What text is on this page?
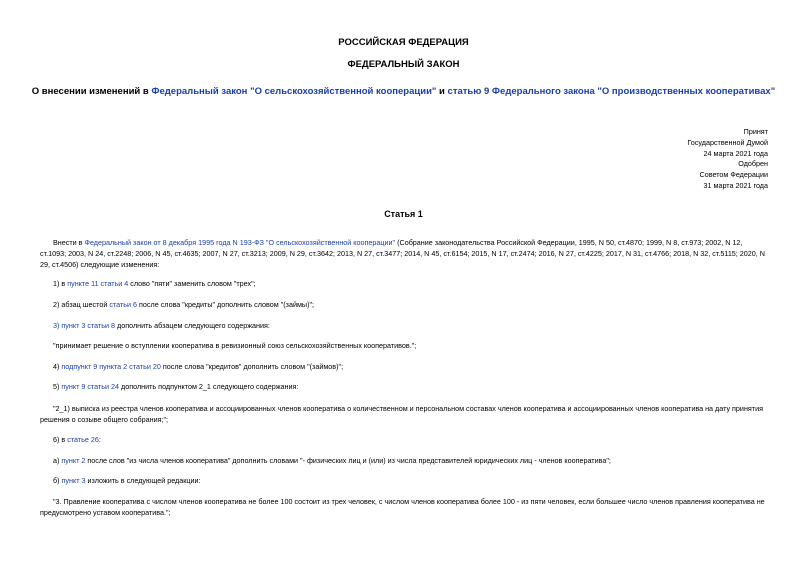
РОССИЙСКАЯ ФЕДЕРАЦИЯ
ФЕДЕРАЛЬНЫЙ ЗАКОН
О внесении изменений в Федеральный закон "О сельскохозяйственной кооперации" и статью 9 Федерального закона "О производственных кооперативах"
Принят
Государственной Думой
24 марта 2021 года
Одобрен
Советом Федерации
31 марта 2021 года
Статья 1
Внести в Федеральный закон от 8 декабря 1995 года N 193-ФЗ "О сельскохозяйственной кооперации" (Собрание законодательства Российской Федерации, 1995, N 50, ст.4870; 1999, N 8, ст.973; 2002, N 12, ст.1093; 2003, N 24, ст.2248; 2006, N 45, ст.4635; 2007, N 27, ст.3213; 2009, N 29, ст.3642; 2013, N 27, ст.3477; 2014, N 45, ст.6154; 2015, N 17, ст.2474; 2016, N 27, ст.4225; 2017, N 31, ст.4766; 2018, N 32, ст.5115; 2020, N 29, ст.4506) следующие изменения:
1) в пункте 11 статьи 4 слово "пяти" заменить словом "трех";
2) абзац шестой статьи 6 после слова "кредиты" дополнить словом "(займы)";
3) пункт 3 статьи 8 дополнить абзацем следующего содержания:
"принимает решение о вступлении кооператива в ревизионный союз сельскохозяйственных кооперативов.";
4) подпункт 9 пункта 2 статьи 20 после слова "кредитов" дополнить словом "(займов)";
5) пункт 9 статьи 24 дополнить подпунктом 2_1 следующего содержания:
"2_1) выписка из реестра членов кооператива и ассоциированных членов кооператива о количественном и персональном составах членов кооператива и ассоциированных членов кооператива на дату принятия решения о созыве общего собрания;";
6) в статье 26:
а) пункт 2 после слов "из числа членов кооператива" дополнить словами "- физических лиц и (или) из числа представителей юридических лиц - членов кооператива";
б) пункт 3 изложить в следующей редакции:
"3. Правление кооператива с числом членов кооператива не более 100 состоит из трех человек, с числом членов кооператива более 100 - из пяти человек, если большее число членов правления кооператива не предусмотрено уставом кооператива.";
